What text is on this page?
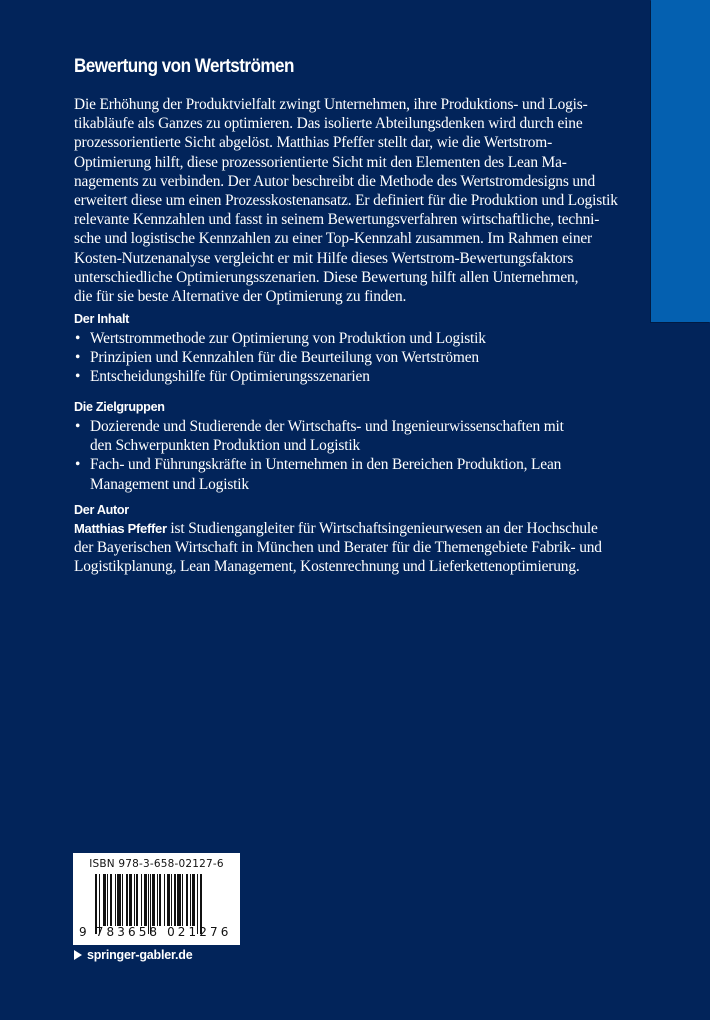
Bewertung von Wertströmen

Die Erhöhung der Produktvielfalt zwingt Unternehmen, ihre Produktions- und Logis-
tikabläufe als Ganzes zu optimieren. Das isolierte Abteilungsdenken wird durch eine
prozessorientierte Sicht abgelöst. Matthias Pfeffer stellt dar, wie die Wertstrom-
Optimierung hilft, diese prozessorientierte Sicht mit den Elementen des Lean Ma-
nagements zu verbinden. Der Autor beschreibt die Methode des Wertstromdesigns und
erweitert diese um einen Prozesskostenansatz. Er definiert für die Produktion und Logistik
relevante Kennzahlen und fasst in seinem Bewertungsverfahren wirtschaftliche, techni-
sche und logistische Kennzahlen zu einer Top-Kennzahl zusammen. Im Rahmen einer
Kosten-Nutzenanalyse vergleicht er mit Hilfe dieses Wertstrom-Bewertungsfaktors
unterschiedliche Optimierungsszenarien. Diese Bewertung hilft allen Unternehmen,
die für sie beste Alternative der Optimierung zu finden.

Der Inhalt
• Wertstrommethode zur Optimierung von Produktion und Logistik
• Prinzipien und Kennzahlen für die Beurteilung von Wertströmen
• Entscheidungshilfe für Optimierungsszenarien
Die Zielgruppen
• Dozierende und Studierende der Wirtschafts- und Ingenieurwissenschaften mit
den Schwerpunkten Produktion und Logistik
• Fach- und Führungskräfte in Unternehmen in den Bereichen Produktion, Lean
Management und Logistik
Der Autor

Matthias Pfeffer ist Studiengangleiter für Wirtschaftsingenieurwesen an der Hochschule
der Bayerischen Wirtschaft in München und Berater für die Themengebiete Fabrik- und
Logistikplanung, Lean Management, Kostenrechnung und Lieferkettenoptimierung.

ISBN 978-3-658-02127-6
9 783658 021276
springer-gabler.de
